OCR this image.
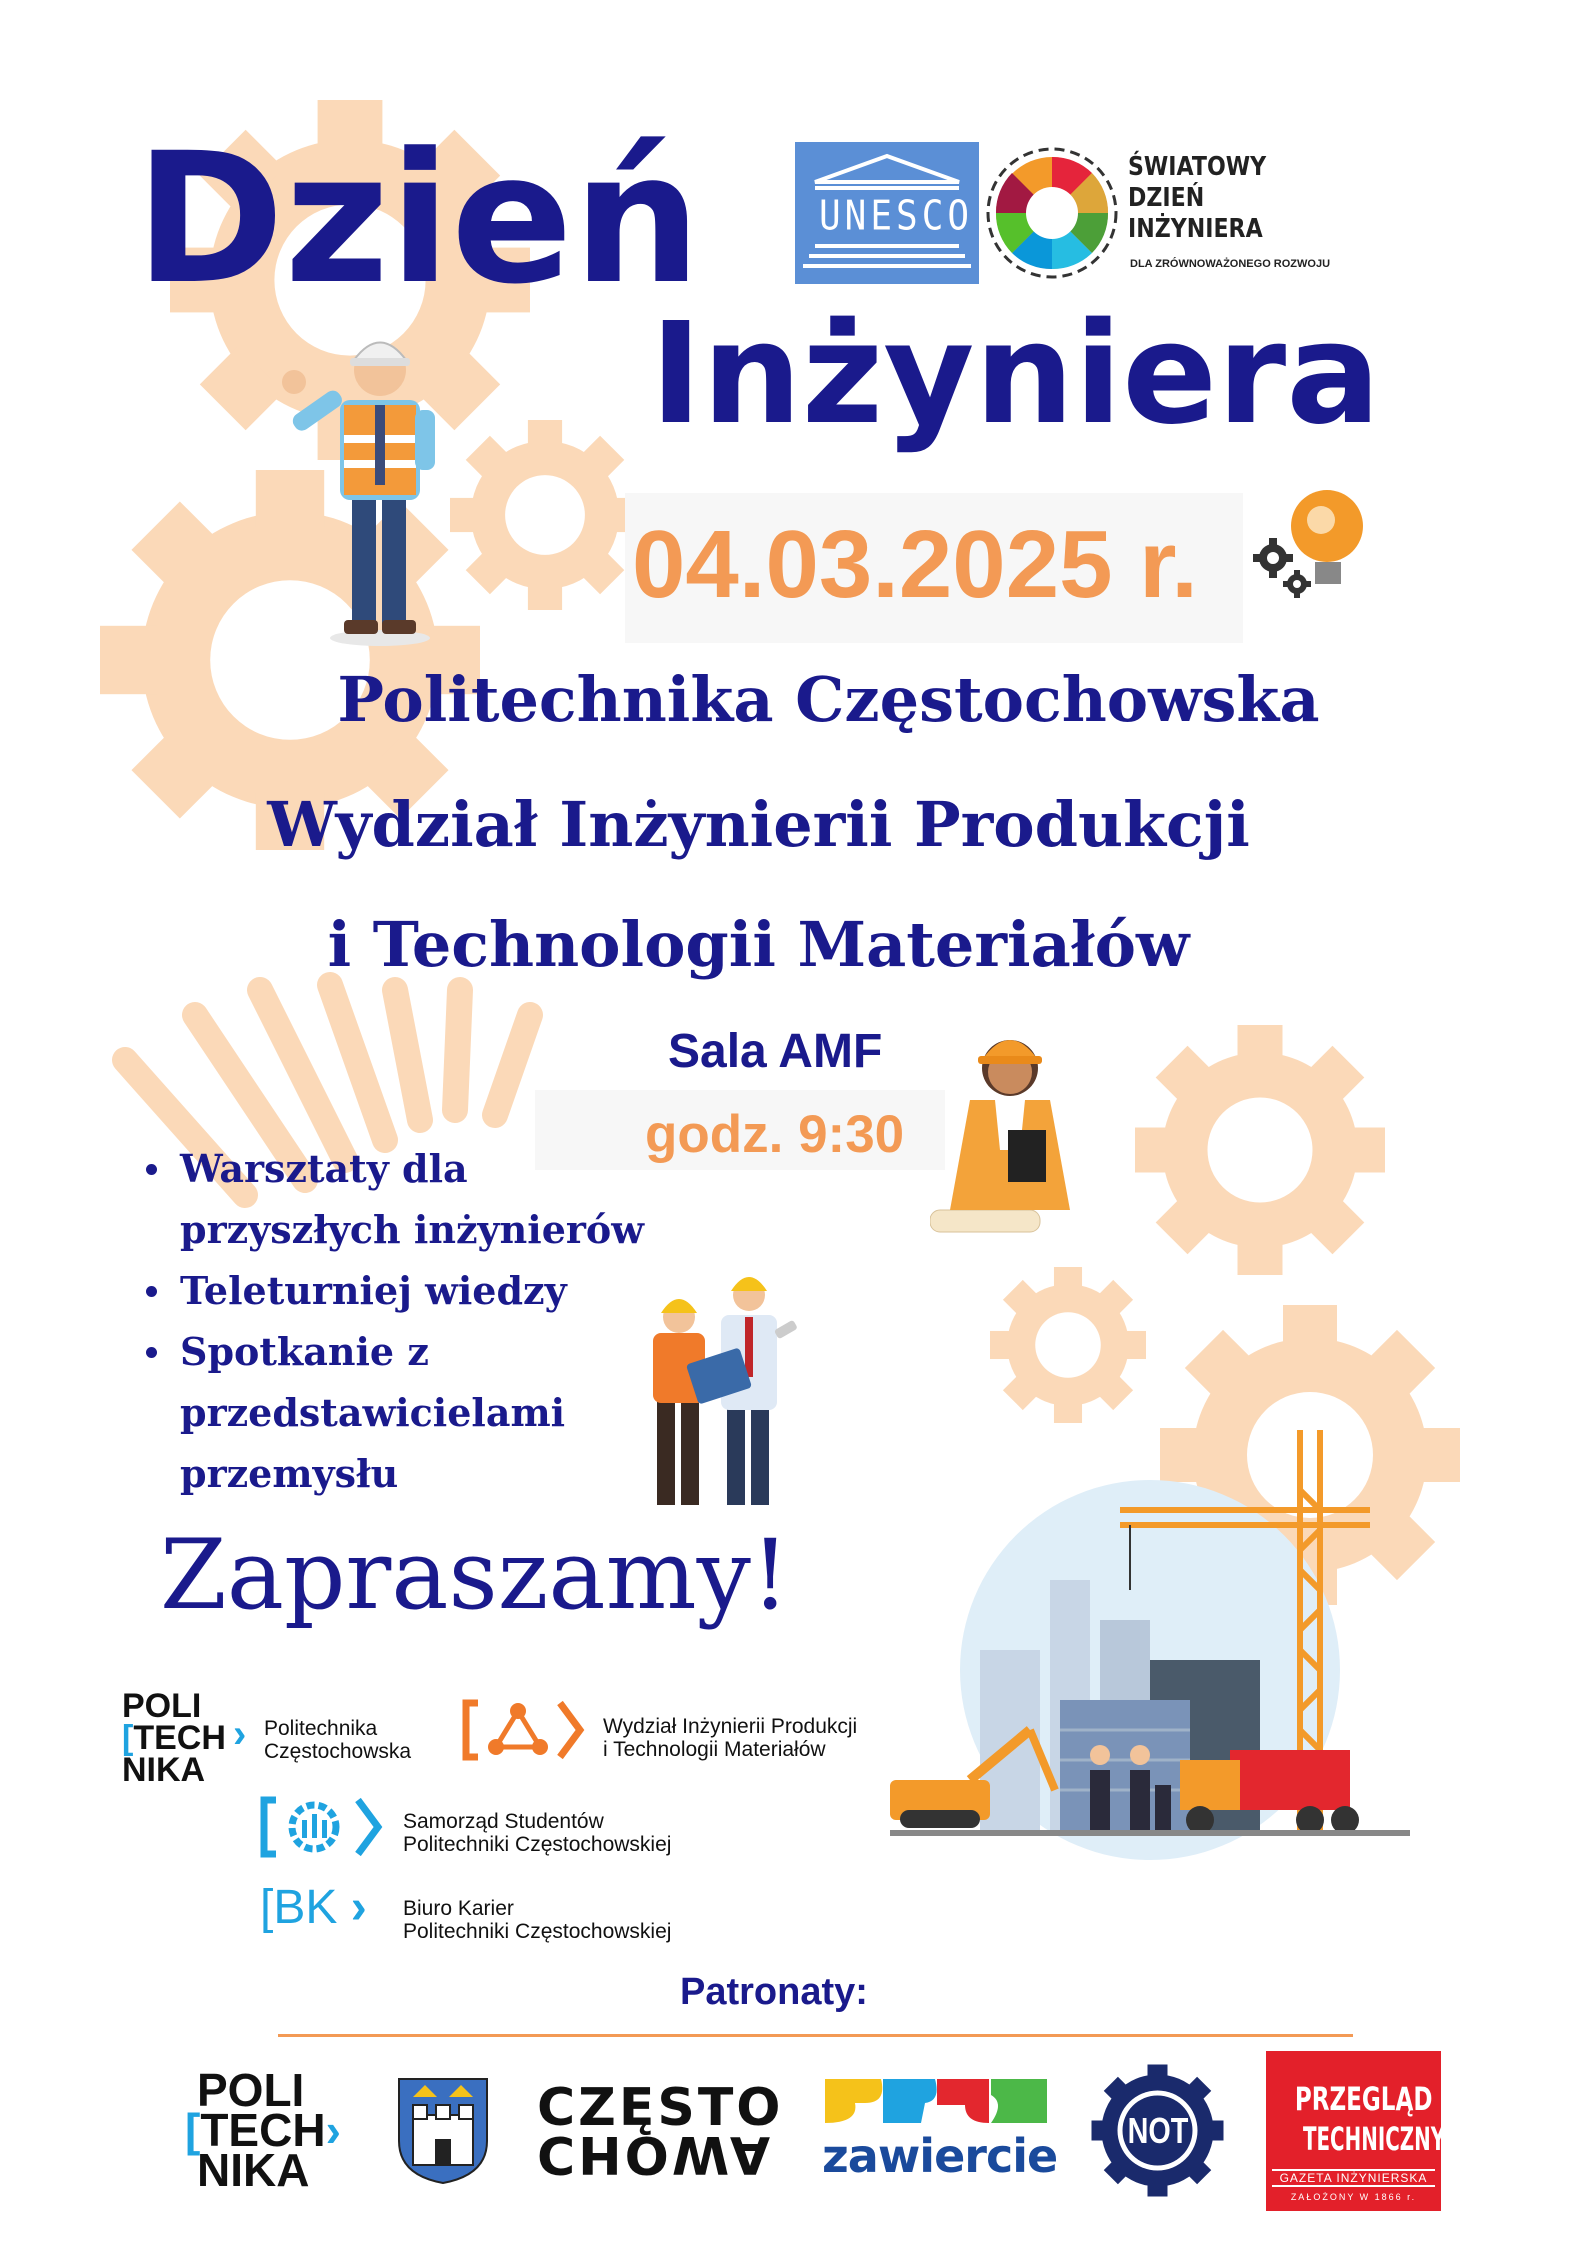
Dzień
Inżyniera
UNESCO
ŚWIATOWY
DZIEŃ
INŻYNIERA
DLA ZRÓWNOWAŻONEGO ROZWOJU
04.03.2025 r.
Politechnika Częstochowska
Wydział Inżynierii Produkcji
i Technologii Materiałów
Sala AMF
godz. 9:30
Warsztaty dla
przyszłych inżynierów
Teleturniej wiedzy
Spotkanie z
przedstawicielami
przemysłu
Zapraszamy!
POLI
[TECH
NIKA
› Politechnika
Częstochowska
Wydział Inżynierii Produkcji
i Technologii Materiałów
Samorząd Studentów
Politechniki Częstochowskiej
[BK › Biuro Karier
Politechniki Częstochowskiej
Patronaty:
POLI
[TECH›
NIKA
CZĘSTO
CHOWA zawiercie NOT
PRZEGLĄD
TECHNICZNY
GAZETA INŻYNIERSKA
ZAŁOŻONY W 1866 r.
